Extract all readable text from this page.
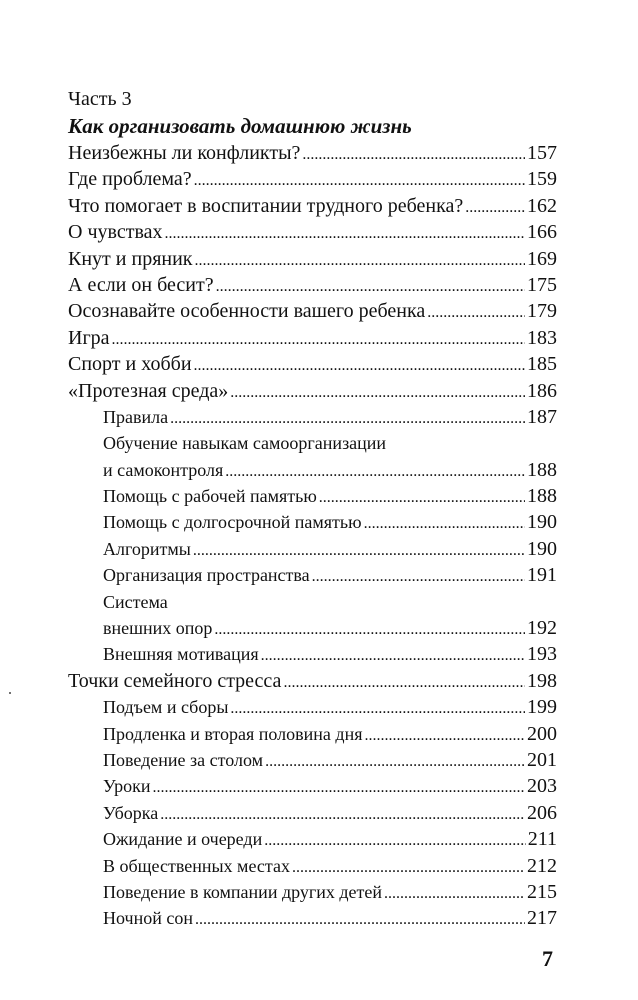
Часть 3
Как организовать домашнюю жизнь
Неизбежны ли конфликты? .....	157
Где проблема? .....	159
Что помогает в воспитании трудного ребенка? .....	162
О чувствах .....	166
Кнут и пряник .....	169
А если он бесит? .....	175
Осознавайте особенности вашего ребенка .....	179
Игра .....	183
Спорт и хобби .....	185
«Протезная среда» .....	186
Правила .....	187
Обучение навыкам самоорганизации
и самоконтроля .....	188
Помощь с рабочей памятью .....	188
Помощь с долгосрочной памятью .....	190
Алгоритмы .....	190
Организация пространства .....	191
Система
внешних опор .....	192
Внешняя мотивация .....	193
Точки семейного стресса .....	198
Подъем и сборы .....	199
Продленка и вторая половина дня .....	200
Поведение за столом .....	201
Уроки .....	203
Уборка .....	206
Ожидание и очереди .....	211
В общественных местах .....	212
Поведение в компании других детей .....	215
Ночной сон .....	217
7
